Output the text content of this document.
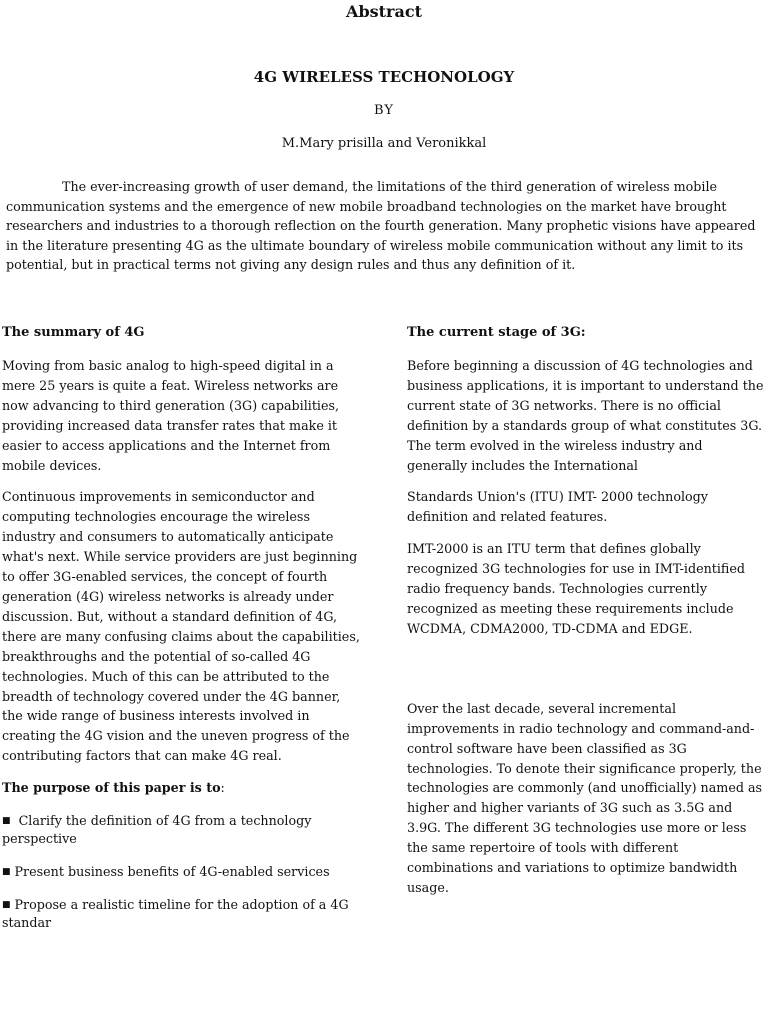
Abstract
4G WIRELESS TECHONOLOGY
BY
M.Mary prisilla and Veronikkal

The ever-increasing growth of user demand, the limitations of the third generation of wireless mobile communication systems and the emergence of new mobile broadband technologies on the market have brought researchers and industries to a thorough reflection on the fourth generation. Many prophetic visions have appeared in the literature presenting 4G as the ultimate boundary of wireless mobile communication without any limit to its potential, but in practical terms not giving any design rules and thus any definition of it.

The summary of 4G

Moving from basic analog to high-speed digital in a mere 25 years is quite a feat. Wireless networks are now advancing to third generation (3G) capabilities, providing increased data transfer rates that make it easier to access applications and the Internet from mobile devices.

Continuous improvements in semiconductor and computing technologies encourage the wireless industry and consumers to automatically anticipate what's next. While service providers are just beginning to offer 3G-enabled services, the concept of fourth generation (4G) wireless networks is already under discussion. But, without a standard definition of 4G, there are many confusing claims about the capabilities, breakthroughs and the potential of so-called 4G technologies. Much of this can be attributed to the breadth of technology covered under the 4G banner, the wide range of business interests involved in creating the 4G vision and the uneven progress of the contributing factors that can make 4G real.

The purpose of this paper is to:
■ Clarify the definition of 4G from a technology perspective
■ Present business benefits of 4G-enabled services
■ Propose a realistic timeline for the adoption of a 4G standar
The current stage of 3G:

Before beginning a discussion of 4G technologies and business applications, it is important to understand the current state of 3G networks. There is no official definition by a standards group of what constitutes 3G. The term evolved in the wireless industry and generally includes the International

Standards Union's (ITU) IMT- 2000 technology definition and related features.

IMT-2000 is an ITU term that defines globally recognized 3G technologies for use in IMT-identified radio frequency bands. Technologies currently recognized as meeting these requirements include WCDMA, CDMA2000, TD-CDMA and EDGE.

Over the last decade, several incremental improvements in radio technology and command-and-control software have been classified as 3G technologies. To denote their significance properly, the technologies are commonly (and unofficially) named as higher and higher variants of 3G such as 3.5G and 3.9G. The different 3G technologies use more or less the same repertoire of tools with different combinations and variations to optimize bandwidth usage.
